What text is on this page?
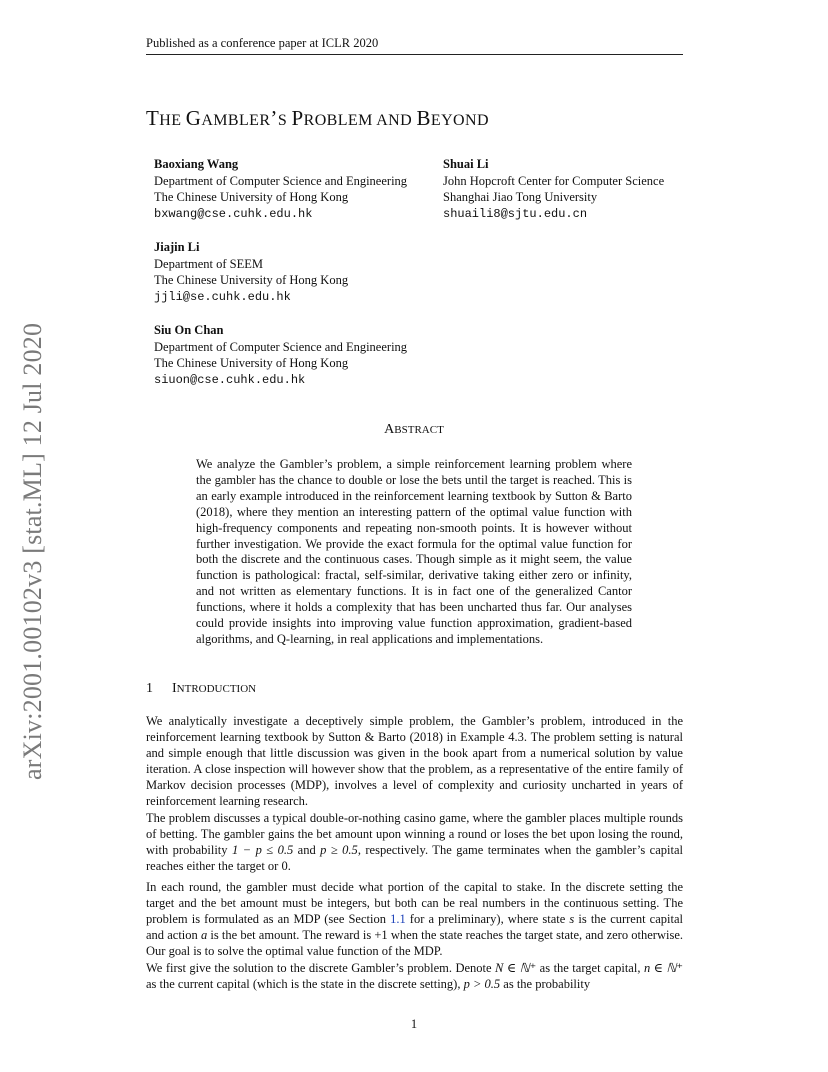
Published as a conference paper at ICLR 2020
THE GAMBLER’S PROBLEM AND BEYOND
Baoxiang Wang
Department of Computer Science and Engineering
The Chinese University of Hong Kong
bxwang@cse.cuhk.edu.hk
Shuai Li
John Hopcroft Center for Computer Science
Shanghai Jiao Tong University
shuaili8@sjtu.edu.cn
Jiajin Li
Department of SEEM
The Chinese University of Hong Kong
jjli@se.cuhk.edu.hk
Siu On Chan
Department of Computer Science and Engineering
The Chinese University of Hong Kong
siuon@cse.cuhk.edu.hk
arXiv:2001.00102v3 [stat.ML] 12 Jul 2020	ABSTRACT
We analyze the Gambler’s problem, a simple reinforcement learning problem where the gambler has the chance to double or lose the bets until the target is reached. This is an early example introduced in the reinforcement learning textbook by Sutton & Barto (2018), where they mention an interesting pattern of the optimal value function with high-frequency components and repeating non-smooth points. It is however without further investigation. We provide the exact formula for the optimal value function for both the discrete and the continuous cases. Though simple as it might seem, the value function is pathological: fractal, self-similar, derivative taking either zero or infinity, and not written as elementary functions. It is in fact one of the generalized Cantor functions, where it holds a complexity that has been uncharted thus far. Our analyses could provide insights into improving value function approximation, gradient-based algorithms, and Q-learning, in real applications and implementations.
1 INTRODUCTION
We analytically investigate a deceptively simple problem, the Gambler’s problem, introduced in the reinforcement learning textbook by Sutton & Barto (2018) in Example 4.3. The problem setting is natural and simple enough that little discussion was given in the book apart from a numerical solution by value iteration. A close inspection will however show that the problem, as a representative of the entire family of Markov decision processes (MDP), involves a level of complexity and curiosity uncharted in years of reinforcement learning research.
The problem discusses a typical double-or-nothing casino game, where the gambler places multiple rounds of betting. The gambler gains the bet amount upon winning a round or loses the bet upon losing the round, with probability 1 − p ≤ 0.5 and p ≥ 0.5, respectively. The game terminates when the gambler’s capital reaches either the target or 0.
In each round, the gambler must decide what portion of the capital to stake. In the discrete setting the target and the bet amount must be integers, but both can be real numbers in the continuous setting. The problem is formulated as an MDP (see Section 1.1 for a preliminary), where state s is the current capital and action a is the bet amount. The reward is +1 when the state reaches the target state, and zero otherwise. Our goal is to solve the optimal value function of the MDP.
We first give the solution to the discrete Gambler’s problem. Denote N ∈ ℕ⁺ as the target capital, n ∈ ℕ⁺ as the current capital (which is the state in the discrete setting), p > 0.5 as the probability
1
